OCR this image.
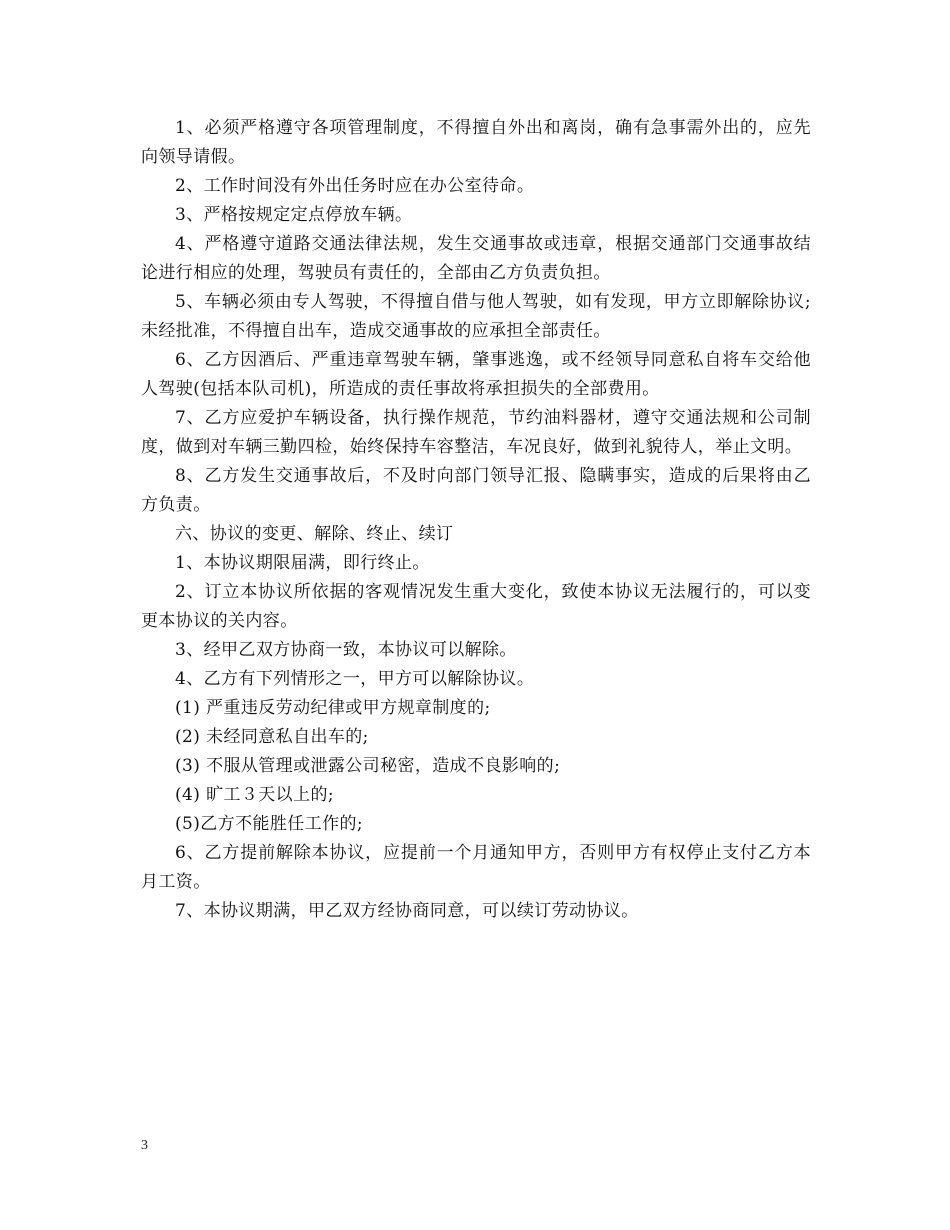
1、必须严格遵守各项管理制度，不得擅自外出和离岗，确有急事需外出的，应先向领导请假。

2、工作时间没有外出任务时应在办公室待命。

3、严格按规定定点停放车辆。

4、严格遵守道路交通法律法规，发生交通事故或违章，根据交通部门交通事故结论进行相应的处理，驾驶员有责任的，全部由乙方负责负担。

5、车辆必须由专人驾驶，不得擅自借与他人驾驶，如有发现，甲方立即解除协议;未经批准，不得擅自出车，造成交通事故的应承担全部责任。

6、乙方因酒后、严重违章驾驶车辆，肇事逃逸，或不经领导同意私自将车交给他人驾驶(包括本队司机)，所造成的责任事故将承担损失的全部费用。

7、乙方应爱护车辆设备，执行操作规范，节约油料器材，遵守交通法规和公司制度，做到对车辆三勤四检，始终保持车容整洁，车况良好，做到礼貌待人，举止文明。

8、乙方发生交通事故后，不及时向部门领导汇报、隐瞒事实，造成的后果将由乙方负责。

六、协议的变更、解除、终止、续订

1、本协议期限届满，即行终止。

2、订立本协议所依据的客观情况发生重大变化，致使本协议无法履行的，可以变更本协议的关内容。

3、经甲乙双方协商一致，本协议可以解除。

4、乙方有下列情形之一，甲方可以解除协议。

(1) 严重违反劳动纪律或甲方规章制度的;

(2) 未经同意私自出车的;

(3) 不服从管理或泄露公司秘密，造成不良影响的;

(4) 旷工３天以上的;

(5)乙方不能胜任工作的;

6、乙方提前解除本协议，应提前一个月通知甲方，否则甲方有权停止支付乙方本月工资。

7、本协议期满，甲乙双方经协商同意，可以续订劳动协议。

3
